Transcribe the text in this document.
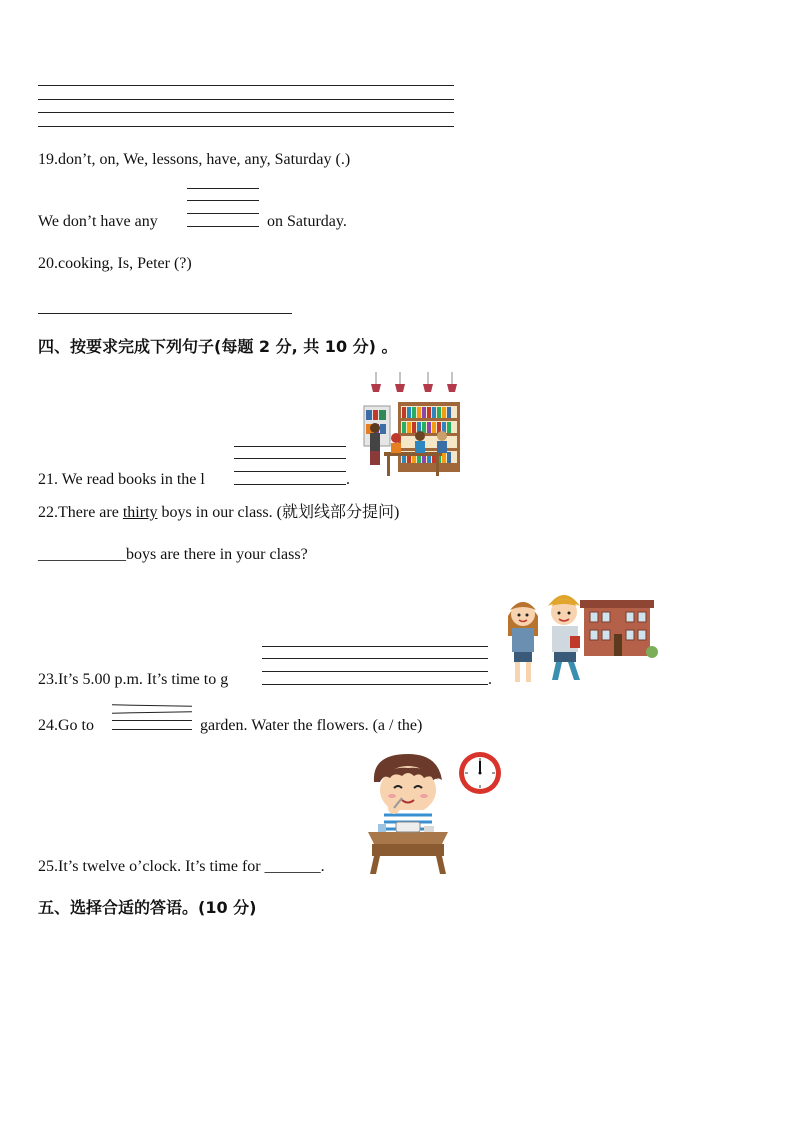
19.don’t, on, We, lessons, have, any, Saturday (.)
We don’t have any	on Saturday.
20.cooking, Is, Peter (?)
四、按要求完成下列句子(每题 2 分, 共 10 分) 。
21. We read books in the l	.
22.There are thirty boys in our class. (就划线部分提问)
___________boys are there in your class?
23.It’s 5.00 p.m. It’s time to g	.
24.Go to	garden. Water the flowers. (a / the)
25.It’s twelve o’clock. It’s time for _______.
五、选择合适的答语。(10 分)
